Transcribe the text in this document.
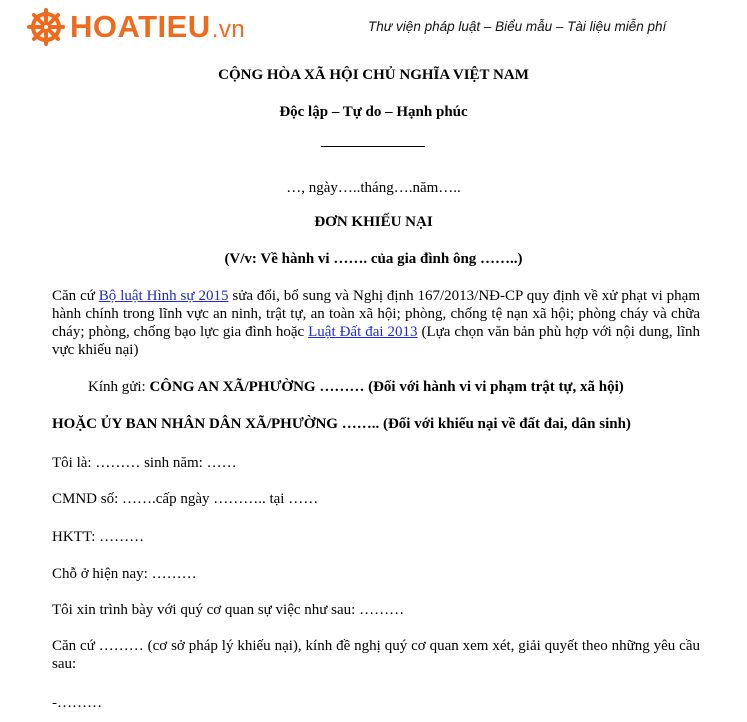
HOATIEU.vn	Thư viện pháp luật – Biểu mẫu – Tài liệu miễn phí
CỘNG HÒA XÃ HỘI CHỦ NGHĨA VIỆT NAM
Độc lập – Tự do – Hạnh phúc
…, ngày…..tháng….năm…..
ĐƠN KHIẾU NẠI
(V/v: Về hành vi ……. của gia đình ông ……..)
Căn cứ Bộ luật Hình sự 2015 sửa đổi, bổ sung và Nghị định 167/2013/NĐ-CP quy định về xử phạt vi phạm hành chính trong lĩnh vực an ninh, trật tự, an toàn xã hội; phòng, chống tệ nạn xã hội; phòng cháy và chữa cháy; phòng, chống bạo lực gia đình hoặc Luật Đất đai 2013 (Lựa chọn văn bản phù hợp với nội dung, lĩnh vực khiếu nại)
Kính gửi: CÔNG AN XÃ/PHƯỜNG ……… (Đối với hành vi vi phạm trật tự, xã hội)
HOẶC ỦY BAN NHÂN DÂN XÃ/PHƯỜNG …….. (Đối với khiếu nại về đất đai, dân sinh)
Tôi là: ……… sinh năm: ……
CMND số: …….cấp ngày ……….. tại ……
HKTT: ………
Chỗ ở hiện nay: ………
Tôi xin trình bày với quý cơ quan sự việc như sau: ………
Căn cứ ……… (cơ sở pháp lý khiếu nại), kính đề nghị quý cơ quan xem xét, giải quyết theo những yêu cầu sau:
-………
